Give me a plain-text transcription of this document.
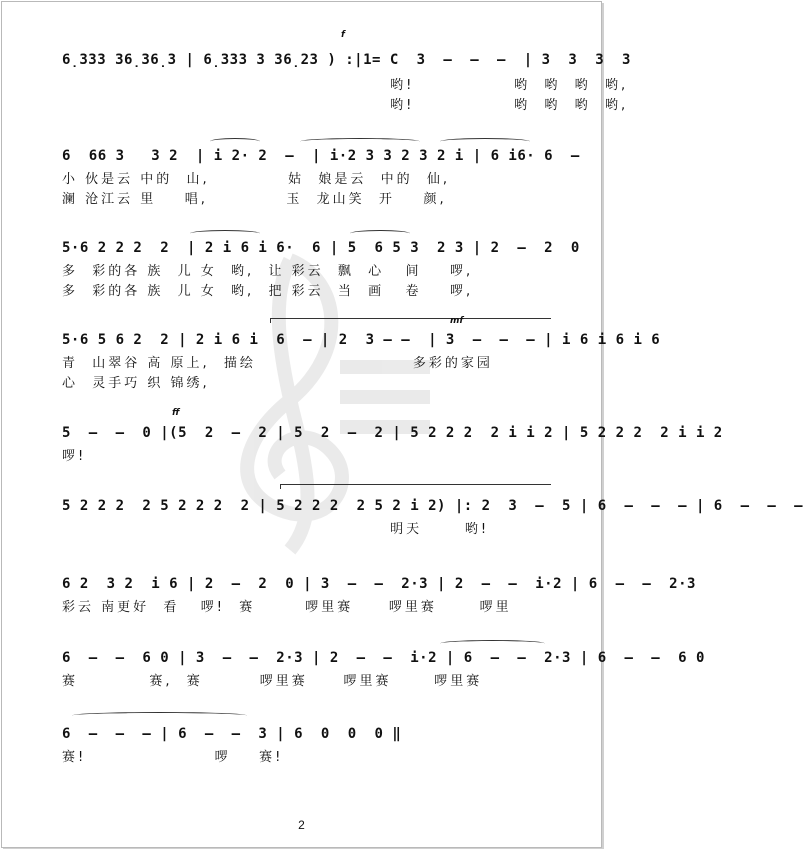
6̣333 36̣36̣3 | 6̣333 3 36̣23 ) :|1= C  3  –  –  –  | 3  3  3  3
哟!              哟  哟  哟  哟,
哟!              哟  哟  哟  哟,
f
6  66 3   3 2  | i 2· 2  –  | i·2 3 3 2 3 2 i | 6 i6· 6  –
小 伙是云 中的  山,           姑  娘是云  中的  仙,
澜 沧江云 里    唱,           玉  龙山笑  开    颜,
5·6 2 2 2  2  | 2 i 6 i 6·  6 | 5  6 5 3  2 3 | 2  –  2  0
多  彩的各 族  儿 女  哟,  让 彩云  飘  心   间    啰,
多  彩的各 族  儿 女  哟,  把 彩云  当  画   卷    啰,
5·6 5 6 2  2 | 2 i 6 i  6  – | 2  3 – –  | 3  –  –  – | i 6 i 6 i 6
mf
青  山翠谷 高 原上,  描绘                      多彩的家园
心  灵手巧 织 锦绣,
5  –  –  0 |(5  2  –  2 | 5  2  –  2 | 5 2 2 2  2 i i 2 | 5 2 2 2  2 i i 2
ff
啰!
5 2 2 2  2 5 2 2 2  2 | 5 2 2 2  2 5 2 i 2) |: 2  3  –  5 | 6  –  –  – | 6  –  –  –
明天      哟!
6 2  3 2  i 6 | 2  –  2  0 | 3  –  –  2·3 | 2  –  –  i·2 | 6  –  –  2·3
彩云 南更好  看   啰!  赛       啰里赛     啰里赛      啰里
6  –  –  6 0 | 3  –  –  2·3 | 2  –  –  i·2 | 6  –  –  2·3 | 6  –  –  6 0
赛          赛,  赛        啰里赛     啰里赛      啰里赛
6  –  –  – | 6  –  –  3 | 6  0  0  0 ‖
赛!                  啰    赛!
2
